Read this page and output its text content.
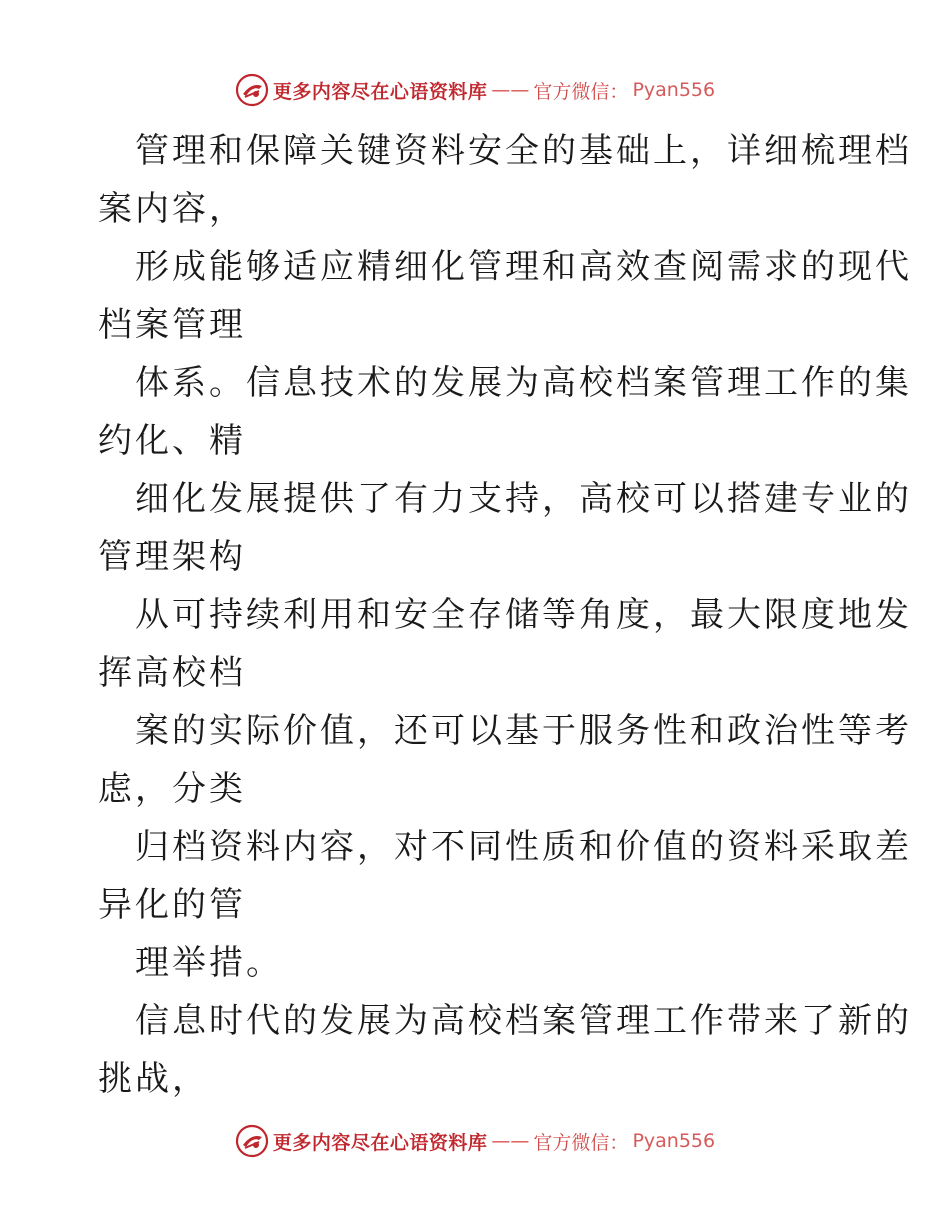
更多内容尽在心语资料库 —— 官方微信： Pyan556
管理和保障关键资料安全的基础上，详细梳理档
案内容，
形成能够适应精细化管理和高效查阅需求的现代
档案管理
体系。信息技术的发展为高校档案管理工作的集
约化、精
细化发展提供了有力支持，高校可以搭建专业的
管理架构
从可持续利用和安全存储等角度，最大限度地发
挥高校档
案的实际价值，还可以基于服务性和政治性等考
虑，分类
归档资料内容，对不同性质和价值的资料采取差
异化的管
理举措。
信息时代的发展为高校档案管理工作带来了新的
挑战，
更多内容尽在心语资料库 —— 官方微信： Pyan556
